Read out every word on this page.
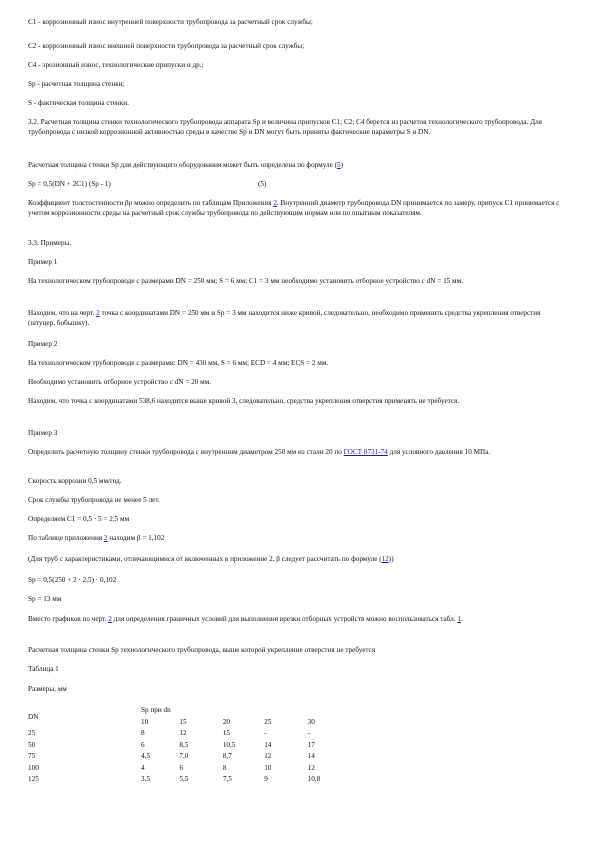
C1 - коррозионный износ внутренней поверхности трубопровода за расчетный срок службы;

C2 - коррозионный износ внешней поверхности трубопровода за расчетный срок службы;

C4 - эрозионный износ, технологические припуски и др.;

Sp - расчетная толщина стенки;

S - фактическая толщина стенки.

3.2. Расчетная толщина стенки технологического трубопровода аппарата Sp и величина припусков C1; C2; C4 берется из расчетов технологического трубопровода. Для трубопровода с низкой коррозионной активностью среды в качестве Sp и DN могут быть приняты фактические параметры S и DN.

Расчетная толщина стенки Sp для действующего оборудования может быть определена по формуле (5)

Sp = 0,5(DN + 2C1) (Sp - 1)	(5)

Коэффициент толстостенности βp можно определить по таблицам Приложения 2. Внутренний диаметр трубопровода DN принимается по замеру, припуск C1 принимается с учетом коррозионности среды на расчетный срок службы трубопровода по действующим нормам или по опытным показателям.

3.3. Примеры.

Пример 1

На технологическом трубопроводе с размерами DN = 250 мм; S = 6 мм; C1 = 3 мм необходимо установить отборное устройство с dN = 15 мм.

Находим, что на черт. 2 точка с координатами DN = 250 мм и Sp = 3 мм находится ниже кривой, следовательно, необходимо применить средства укрепления отверстия (штуцер, бобышку).

Пример 2

На технологическом трубопроводе с размерами: DN = 430 мм, S = 6 мм; ECD = 4 мм; ECS = 2 мм.

Необходимо установить отборное устройство с dN = 20 мм.

Находим, что точка с координатами 538,6 находится выше кривой 3, следовательно, средства укрепления отверстия применять не требуется.

Пример 3

Определить расчетную толщину стенки трубопровода с внутренним диаметром 250 мм из стали 20 по ГОСТ 8731-74 для условного давления 10 МПа.

Скорость коррозии 0,5 мм/год.

Срок службы трубопровода не менее 5 лет.

Определяем C1 = 0,5 · 5 = 2,5 мм

По таблице приложения 2 находим β = 1,102

(Для труб с характеристиками, отличающимися от включенных в приложение 2, β следует рассчитать по формуле (12))

Sp = 0,5(250 + 2 · 2,5) · 0,102

Sp = 13 мм

Вместо графиков по черт. 2 для определения граничных условий для выполнения врезки отборных устройств можно воспользоваться табл. 1.

Расчетная толщина стенки Sp технологического трубопровода, выше которой укрепление отверстия не требуется

Таблица 1

Размеры, мм

DN	Sp при dn				
	10	15	20	25	30
25	8	12	15	-	-
50	6	8,5	10,5	14	17
75	4,5	7,0	8,7	12	14
100	4	6	8	10	12
125	3,5	5,5	7,5	9	10,8
